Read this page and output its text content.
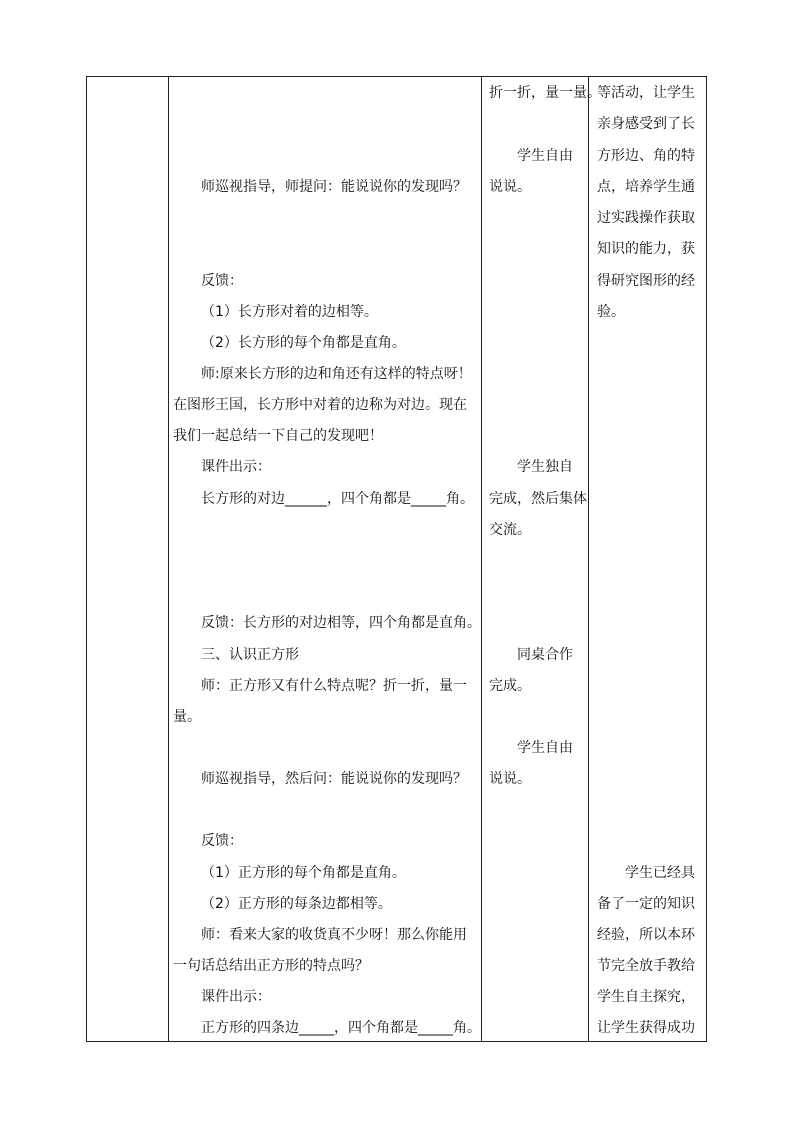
师巡视指导，师提问：能说说你的发现吗？
反馈：
（1）长方形对着的边相等。
（2）长方形的每个角都是直角。
师:原来长方形的边和角还有这样的特点呀！
在图形王国，长方形中对着的边称为对边。现在
我们一起总结一下自己的发现吧！
课件出示：
长方形的对边______，四个角都是_____角。
反馈：长方形的对边相等，四个角都是直角。
三、认识正方形
师：正方形又有什么特点呢？折一折，量一
量。
师巡视指导，然后问：能说说你的发现吗？
反馈：
（1）正方形的每个角都是直角。
（2）正方形的每条边都相等。
师：看来大家的收货真不少呀！那么你能用
一句话总结出正方形的特点吗？
课件出示：
正方形的四条边_____，四个角都是_____角。
折一折，量一量。
学生自由
说说。
学生独自
完成，然后集体
交流。
同桌合作
完成。
学生自由
说说。
等活动，让学生
亲身感受到了长
方形边、角的特
点，培养学生通
过实践操作获取
知识的能力，获
得研究图形的经
验。
学生已经具
备了一定的知识
经验，所以本环
节完全放手教给
学生自主探究，
让学生获得成功
